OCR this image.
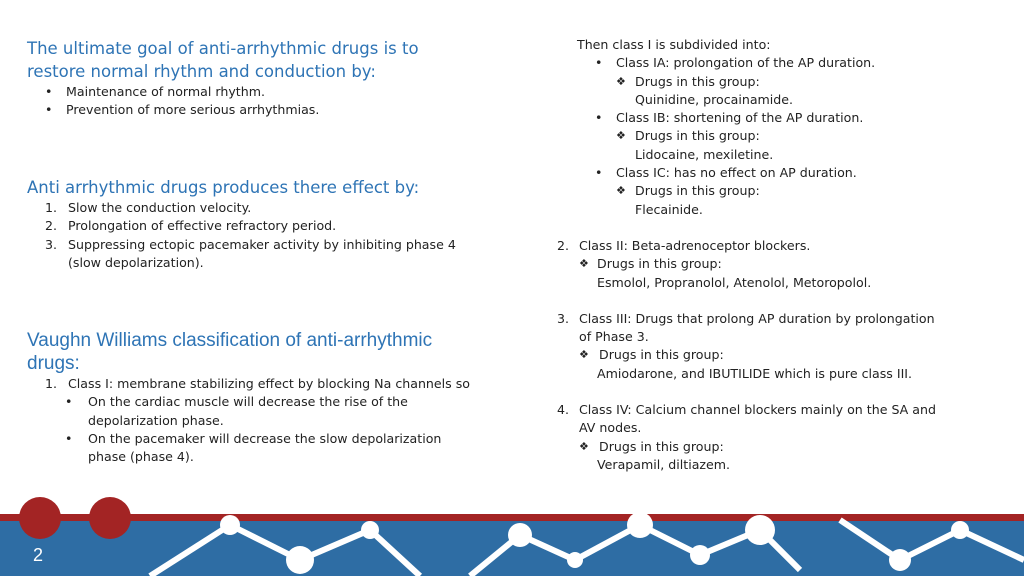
The ultimate goal of anti-arrhythmic drugs is to restore normal rhythm and conduction by:

•	Maintenance of normal rhythm.
•	Prevention of more serious arrhythmias.

Anti arrhythmic drugs produces there effect by:

1. Slow the conduction velocity.
2. Prolongation of effective refractory period.
3. Suppressing ectopic pacemaker activity by inhibiting phase 4 (slow depolarization).

Vaughn Williams classification of anti-arrhythmic drugs:

1. Class I: membrane stabilizing effect by blocking Na channels so
•	On the cardiac muscle will decrease the rise of the depolarization phase.
•	On the pacemaker will decrease the slow depolarization phase (phase 4).
Then class I is subdivided into:
•	Class IA: prolongation of the AP duration.
❖ Drugs in this group:
Quinidine, procainamide.
•	Class IB: shortening of the AP duration.
❖ Drugs in this group:
Lidocaine, mexiletine.
•	Class IC: has no effect on AP duration.
❖ Drugs in this group:
Flecainide.
2. Class II: Beta-adrenoceptor blockers.
❖ Drugs in this group:
Esmolol, Propranolol, Atenolol, Metoropolol.
3. Class III: Drugs that prolong AP duration by prolongation of Phase 3.
❖ Drugs in this group:
Amiodarone, and IBUTILIDE which is pure class III.
4. Class IV: Calcium channel blockers mainly on the SA and AV nodes.
❖ Drugs in this group:
Verapamil, diltiazem.
2
